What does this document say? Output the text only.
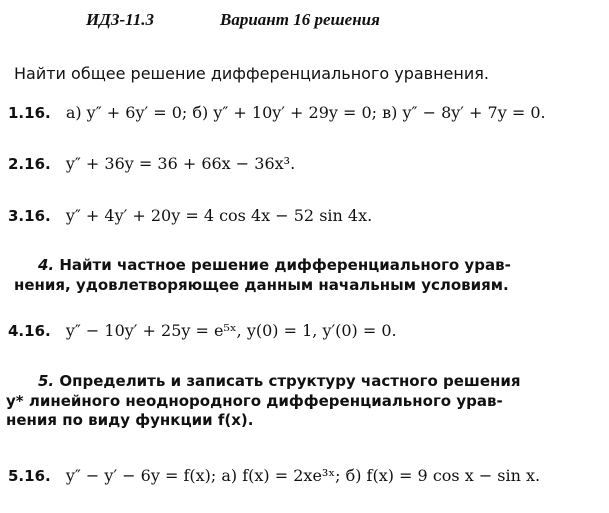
ИДЗ-11.3	Вариант 16 решения
Найти общее решение дифференциального уравнения.
1.16. а) y″ + 6y′ = 0; б) y″ + 10y′ + 29y = 0; в) y″ − 8y′ + 7y = 0.
2.16. y″ + 36y = 36 + 66x − 36x³.
3.16. y″ + 4y′ + 20y = 4 cos 4x − 52 sin 4x.
4. Найти частное решение дифференциального урав-
нения, удовлетворяющее данным начальным условиям.
4.16. y″ − 10y′ + 25y = e⁵ˣ, y(0) = 1, y′(0) = 0.
5. Определить и записать структуру частного решения
y* линейного неоднородного дифференциального урав-
нения по виду функции f(x).
5.16. y″ − y′ − 6y = f(x); а) f(x) = 2xe³ˣ; б) f(x) = 9 cos x − sin x.
